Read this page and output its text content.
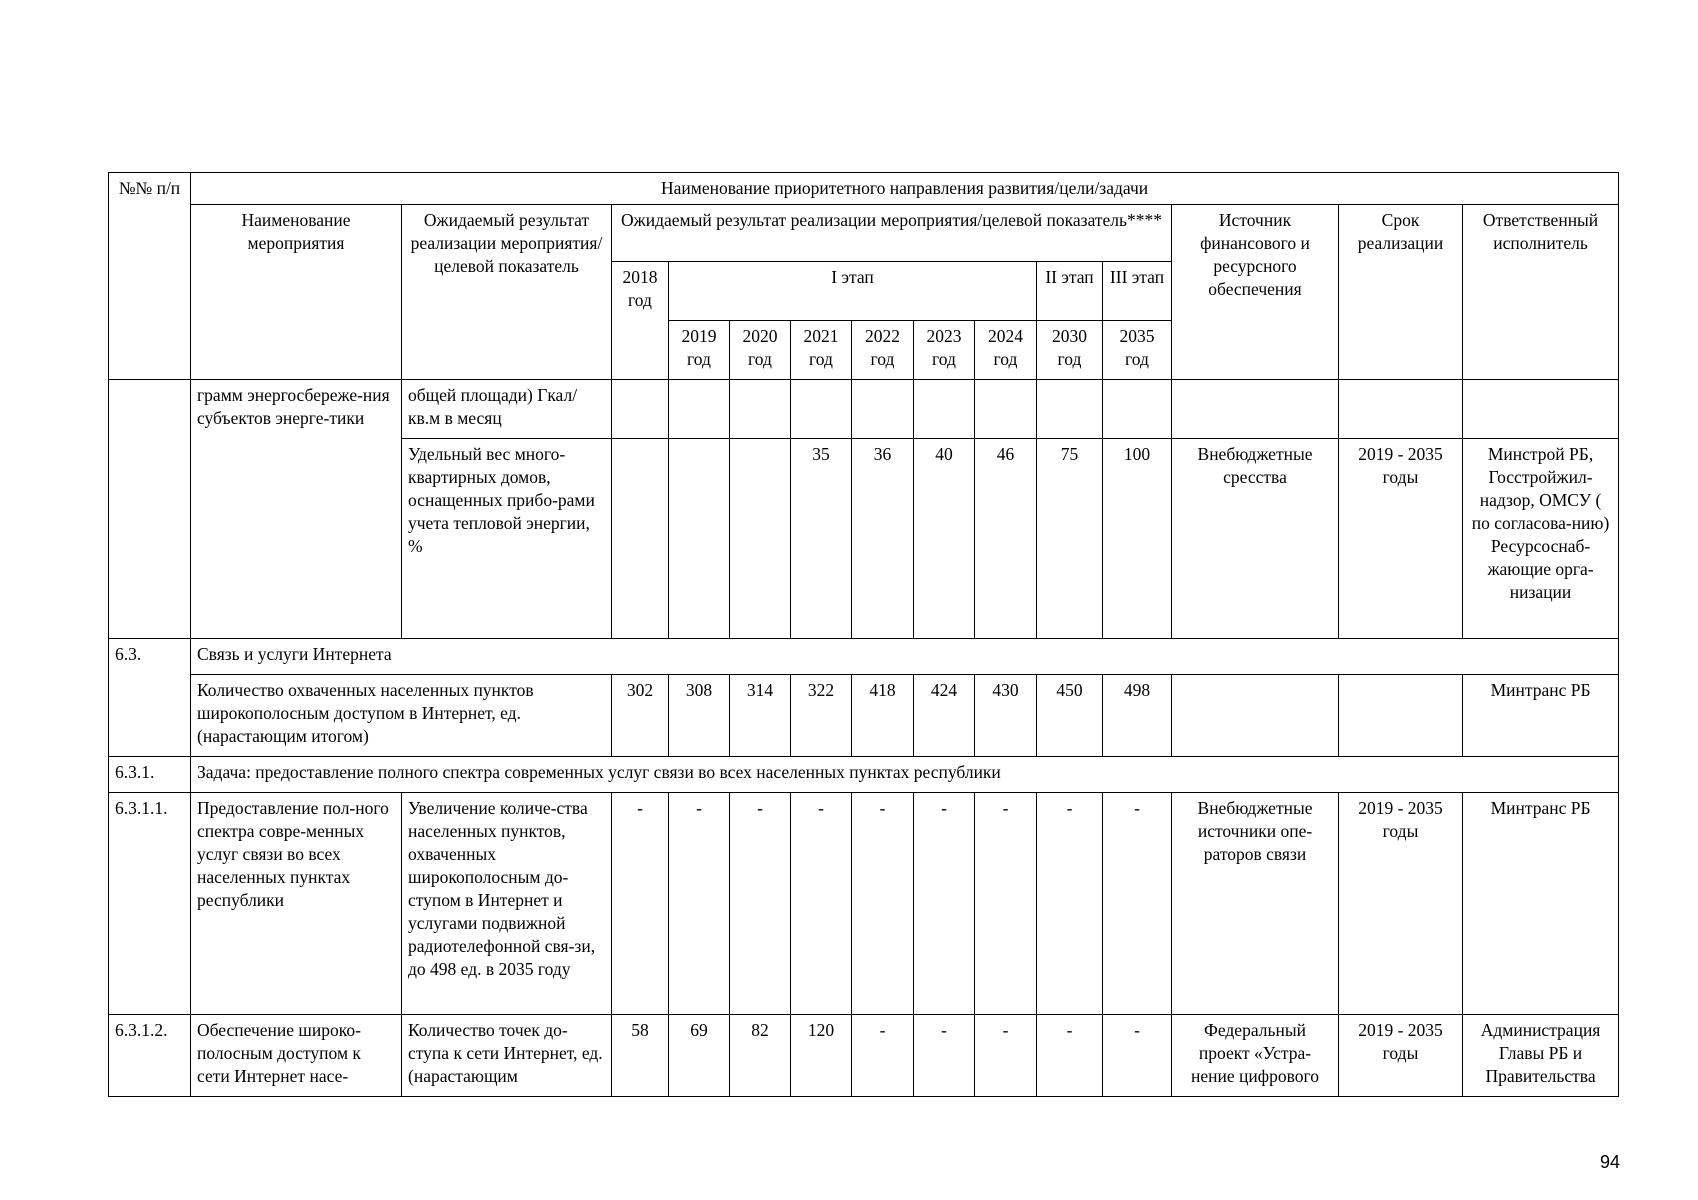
№№ п/п	Наименование приоритетного направления развития/цели/задачи													
	Наименование мероприятия	Ожидаемый результат реализации мероприятия/целевой показатель	Ожидаемый результат реализации мероприятия/целевой показатель****									Источник финансового и ресурсного обеспечения	Срок реализации	Ответственный исполнитель
			2018 год	I этап						II этап	III этап			
				2019 год	2020 год	2021 год	2022 год	2023 год	2024 год	2030 год	2035 год			
	грамм энергосбереже-ния субъектов энерге-тики	общей площади) Гкал/ кв.м в месяц												
		Удельный вес много-квартирных домов, оснащенных прибо-рами учета тепловой энергии, %				35	36	40	46	75	100	Внебюджетные сресства	2019 - 2035 годы	Минстрой РБ, Госстройжил-надзор, ОМСУ ( по согласова-нию) Ресурсоснаб-жающие орга-низации
6.3.	Связь и услуги Интернета													
	Количество охваченных населенных пунктов широкополосным доступом в Интернет, ед. (нарастающим итогом)		302	308	314	322	418	424	430	450	498			Минтранс РБ
6.3.1.	Задача: предоставление полного спектра современных услуг связи во всех населенных пунктах республики													
6.3.1.1.	Предоставление пол-ного спектра совре-менных услуг связи во всех населенных пунктах республики	Увеличение количе-ства населенных пунктов, охваченных широкополосным до-ступом в Интернет и услугами подвижной радиотелефонной свя-зи, до 498 ед. в 2035 году	-	-	-	-	-	-	-	-	-	Внебюджетные источники опе-раторов связи	2019 - 2035 годы	Минтранс РБ
6.3.1.2.	Обеспечение широко-полосным доступом к сети Интернет насе-	Количество точек до-ступа к сети Интернет, ед. (нарастающим	58	69	82	120	-	-	-	-	-	Федеральный проект «Устра-нение цифрового	2019 - 2035 годы	Администрация Главы РБ и Правительства
94
